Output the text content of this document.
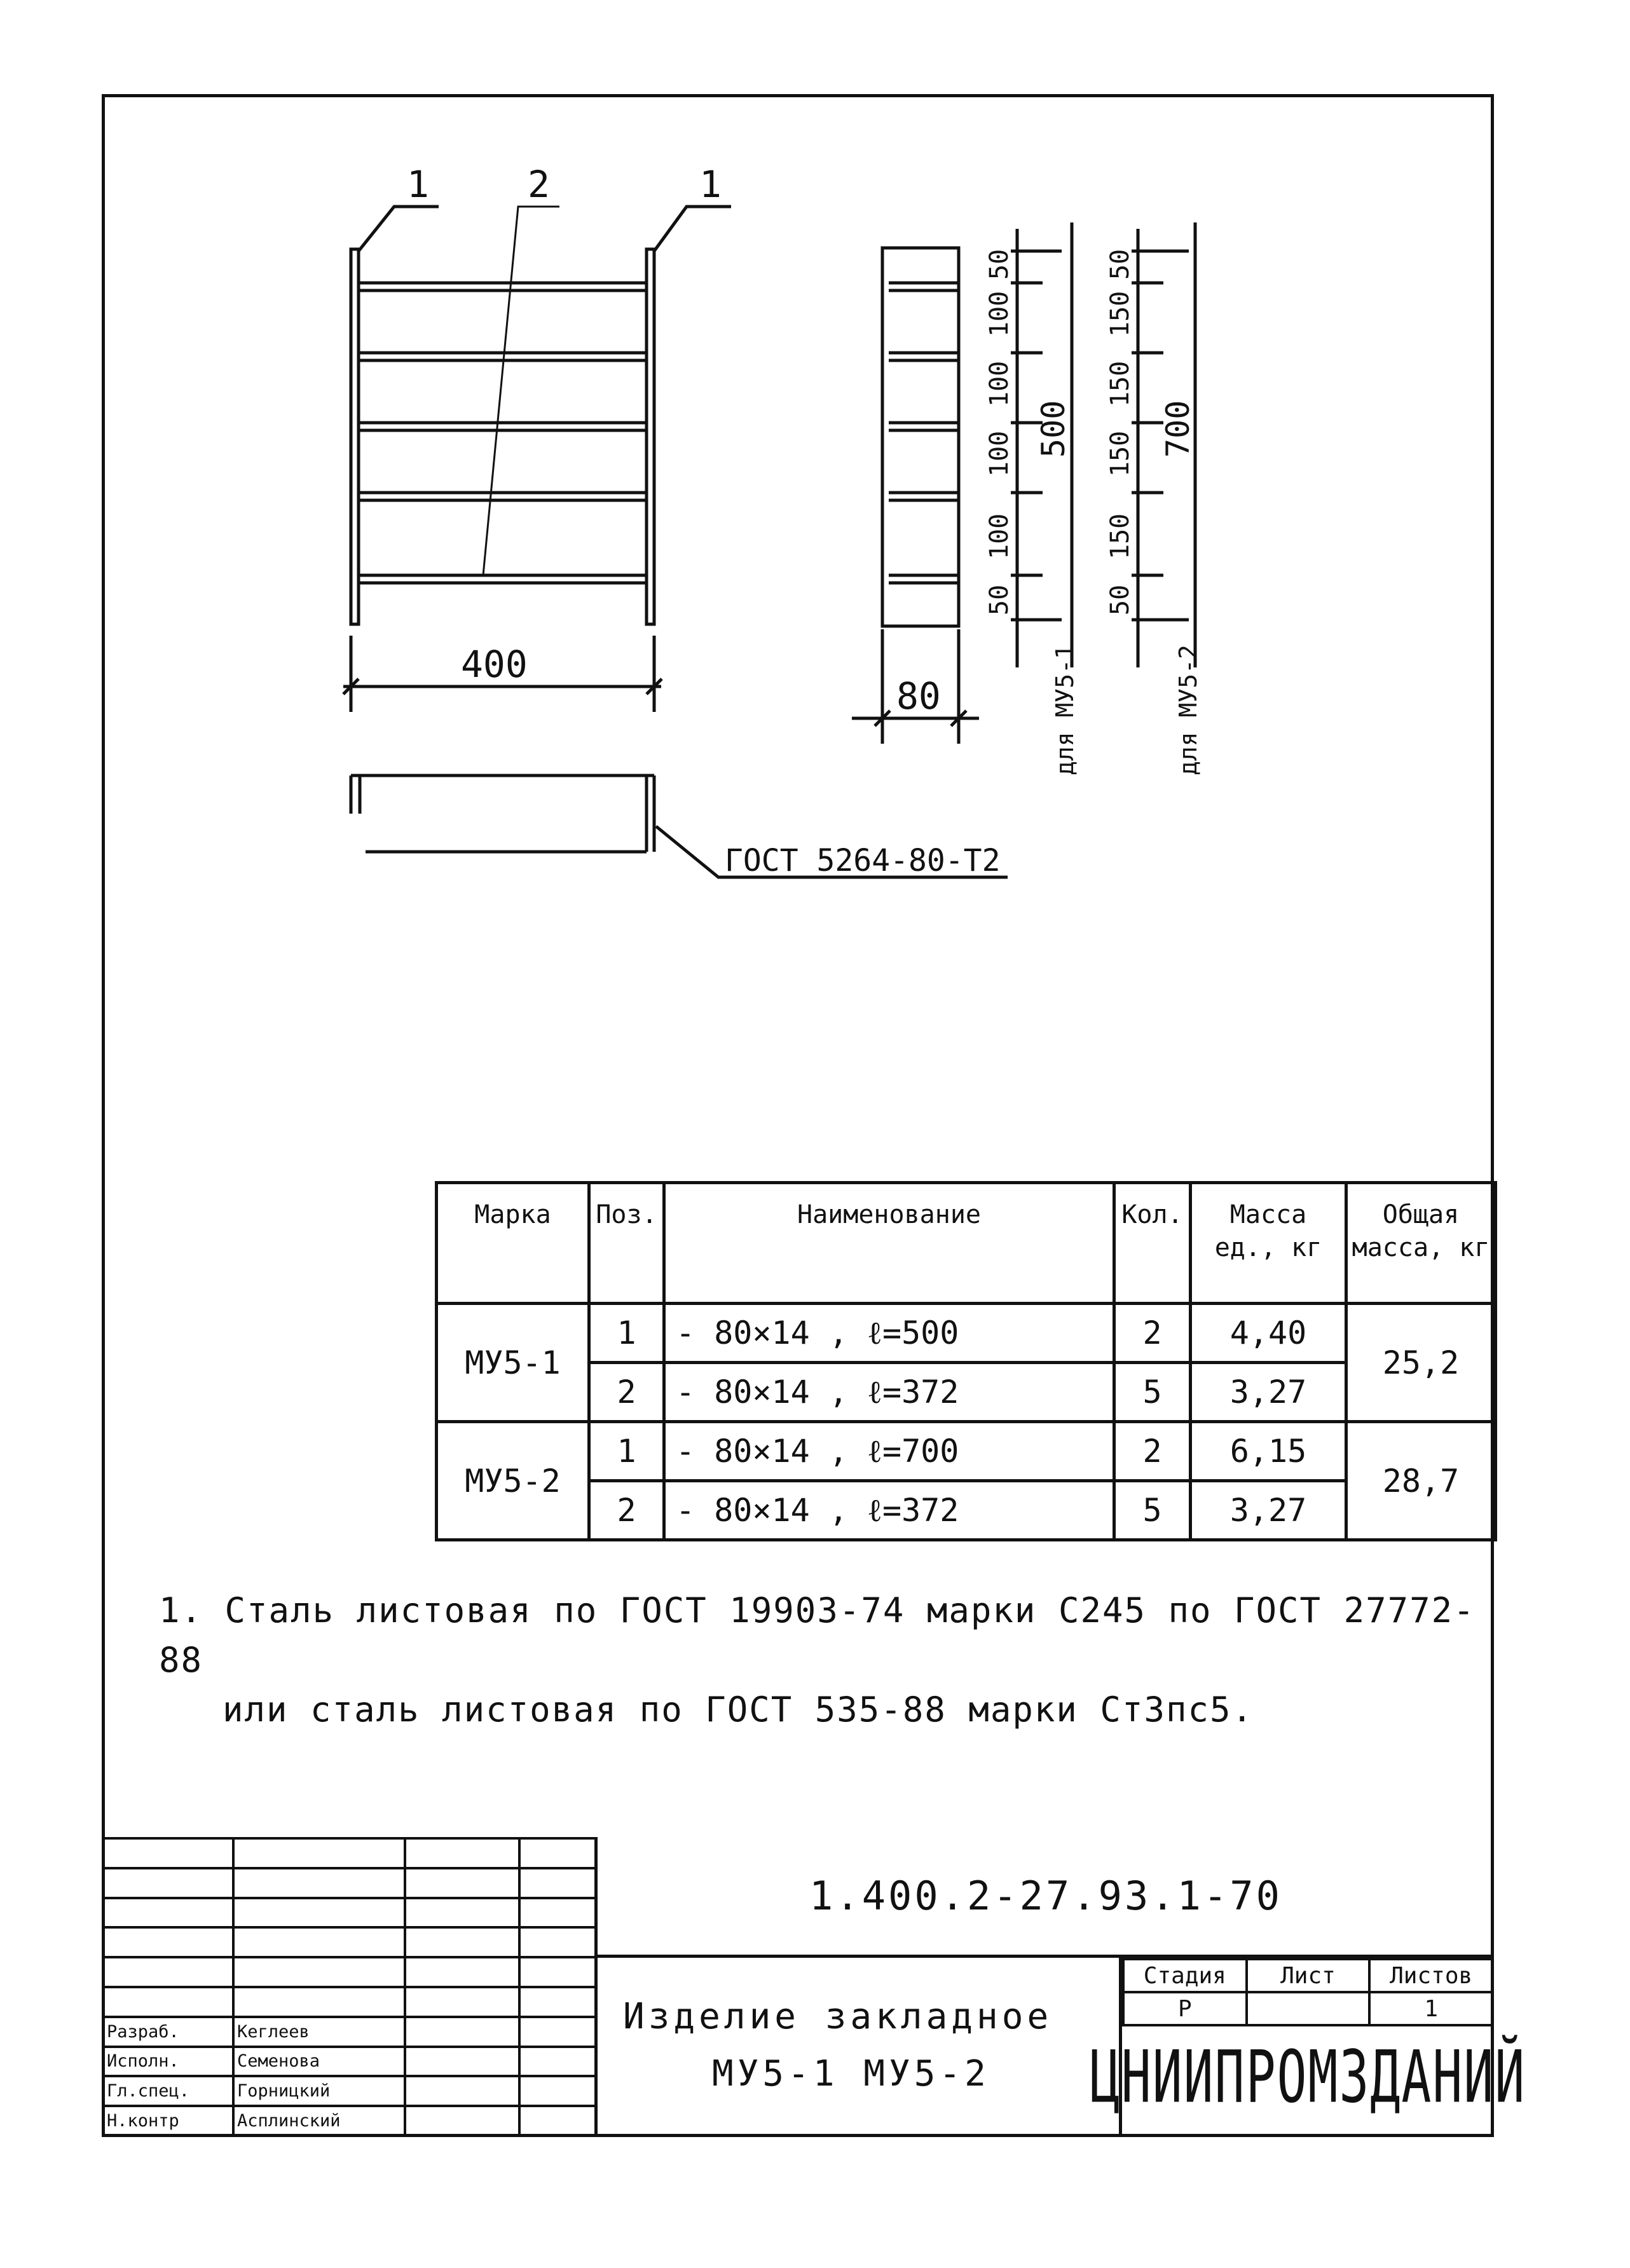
1	2	1
400
80
ГОСТ 5264-80-Т2
50
100
100
100
100
50
500
для МУ5-1
50
150
150
150
150
50
700
для МУ5-2
Марка	Поз.	Наименование	Кол.	Масса ед., кг	Общая масса, кг
МУ5-1	1	- 80×14 , ℓ=500	2	4,40	25,2
	2	- 80×14 , ℓ=372	5	3,27	
МУ5-2	1	- 80×14 , ℓ=700	2	6,15	28,7
	2	- 80×14 , ℓ=372	5	3,27	
1. Сталь листовая по ГОСТ 19903-74 марки С245 по ГОСТ 27772-88
или сталь листовая по ГОСТ 535-88 марки Ст3пс5.

Разраб.	Кеглеев		
Исполн.	Семенова		
Гл.спец.	Горницкий		
Н.контр	Асплинский		
1.400.2-27.93.1-70
Изделие закладное
МУ5-1 МУ5-2
Стадия	Лист	Листов
Р		1
ЦНИИПРОМЗДАНИЙ
